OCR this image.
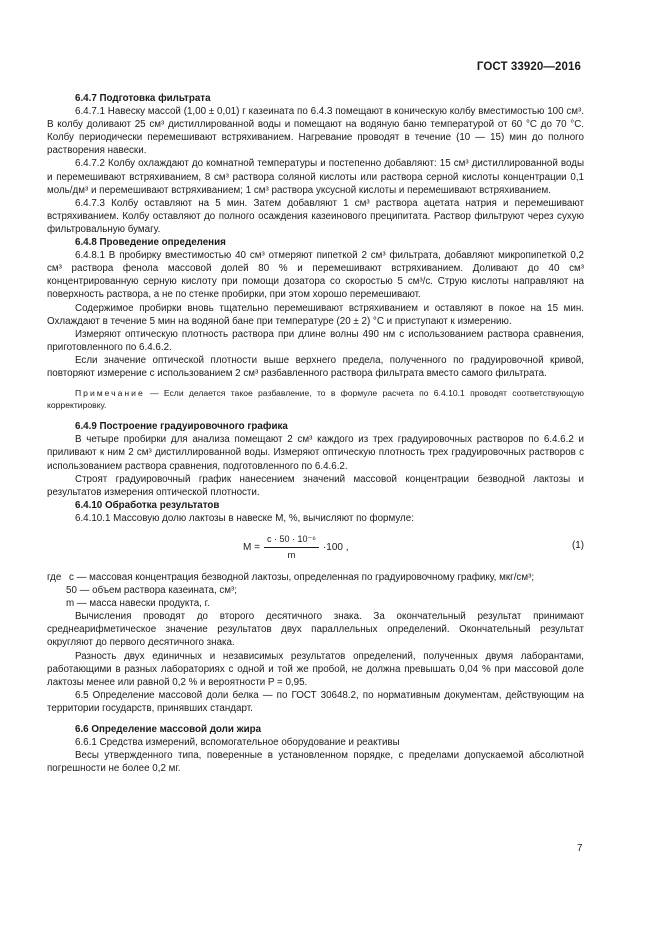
ГОСТ 33920—2016

6.4.7 Подготовка фильтрата

6.4.7.1 Навеску массой (1,00 ± 0,01) г казеината по 6.4.3 помещают в коническую колбу вместимостью 100 см³. В колбу доливают 25 см³ дистиллированной воды и помещают на водяную баню температурой от 60 °С до 70 °С. Колбу периодически перемешивают встряхиванием. Нагревание проводят в течение (10 — 15) мин до полного растворения навески.

6.4.7.2 Колбу охлаждают до комнатной температуры и постепенно добавляют: 15 см³ дистиллированной воды и перемешивают встряхиванием, 8 см³ раствора соляной кислоты или раствора серной кислоты концентрации 0,1 моль/дм³ и перемешивают встряхиванием; 1 см³ раствора уксусной кислоты и перемешивают встряхиванием.

6.4.7.3 Колбу оставляют на 5 мин. Затем добавляют 1 см³ раствора ацетата натрия и перемешивают встряхиванием. Колбу оставляют до полного осаждения казеинового преципитата. Раствор фильтруют через сухую фильтровальную бумагу.

6.4.8 Проведение определения

6.4.8.1 В пробирку вместимостью 40 см³ отмеряют пипеткой 2 см³ фильтрата, добавляют микропипеткой 0,2 см³ раствора фенола массовой долей 80 % и перемешивают встряхиванием. Доливают до 40 см³ концентрированную серную кислоту при помощи дозатора со скоростью 5 см³/с. Струю кислоты направляют на поверхность раствора, а не по стенке пробирки, при этом хорошо перемешивают.

Содержимое пробирки вновь тщательно перемешивают встряхиванием и оставляют в покое на 15 мин. Охлаждают в течение 5 мин на водяной бане при температуре (20 ± 2) °С и приступают к измерению.

Измеряют оптическую плотность раствора при длине волны 490 нм с использованием раствора сравнения, приготовленного по 6.4.6.2.

Если значение оптической плотности выше верхнего предела, полученного по градуировочной кривой, повторяют измерение с использованием 2 см³ разбавленного раствора фильтрата вместо самого фильтрата.

Примечание — Если делается такое разбавление, то в формуле расчета по 6.4.10.1 проводят соответствующую корректировку.

6.4.9 Построение градуировочного графика

В четыре пробирки для анализа помещают 2 см³ каждого из трех градуировочных растворов по 6.4.6.2 и приливают к ним 2 см³ дистиллированной воды. Измеряют оптическую плотность трех градуировочных растворов с использованием раствора сравнения, подготовленного по 6.4.6.2.

Строят градуировочный график нанесением значений массовой концентрации безводной лактозы и результатов измерения оптической плотности.

6.4.10 Обработка результатов

6.4.10.1 Массовую долю лактозы в навеске M, %, вычисляют по формуле:

$M = \frac{\text{c · 50 · 10⁻⁶}}{m} \cdot 100$ ,	(1)
где c — массовая концентрация безводной лактозы, определенная по градуировочному графику, мкг/см³;

50 — объем раствора казеината, см³;

m — масса навески продукта, г.

Вычисления проводят до второго десятичного знака. За окончательный результат принимают среднеарифметическое значение результатов двух параллельных определений. Окончательный результат округляют до первого десятичного знака.

Разность двух единичных и независимых результатов определений, полученных двумя лаборантами, работающими в разных лабораториях с одной и той же пробой, не должна превышать 0,04 % при массовой доле лактозы менее или равной 0,2 % и вероятности P = 0,95.

6.5 Определение массовой доли белка — по ГОСТ 30648.2, по нормативным документам, действующим на территории государств, принявших стандарт.

6.6 Определение массовой доли жира

6.6.1 Средства измерений, вспомогательное оборудование и реактивы

Весы утвержденного типа, поверенные в установленном порядке, с пределами допускаемой абсолютной погрешности не более 0,2 мг.

7
